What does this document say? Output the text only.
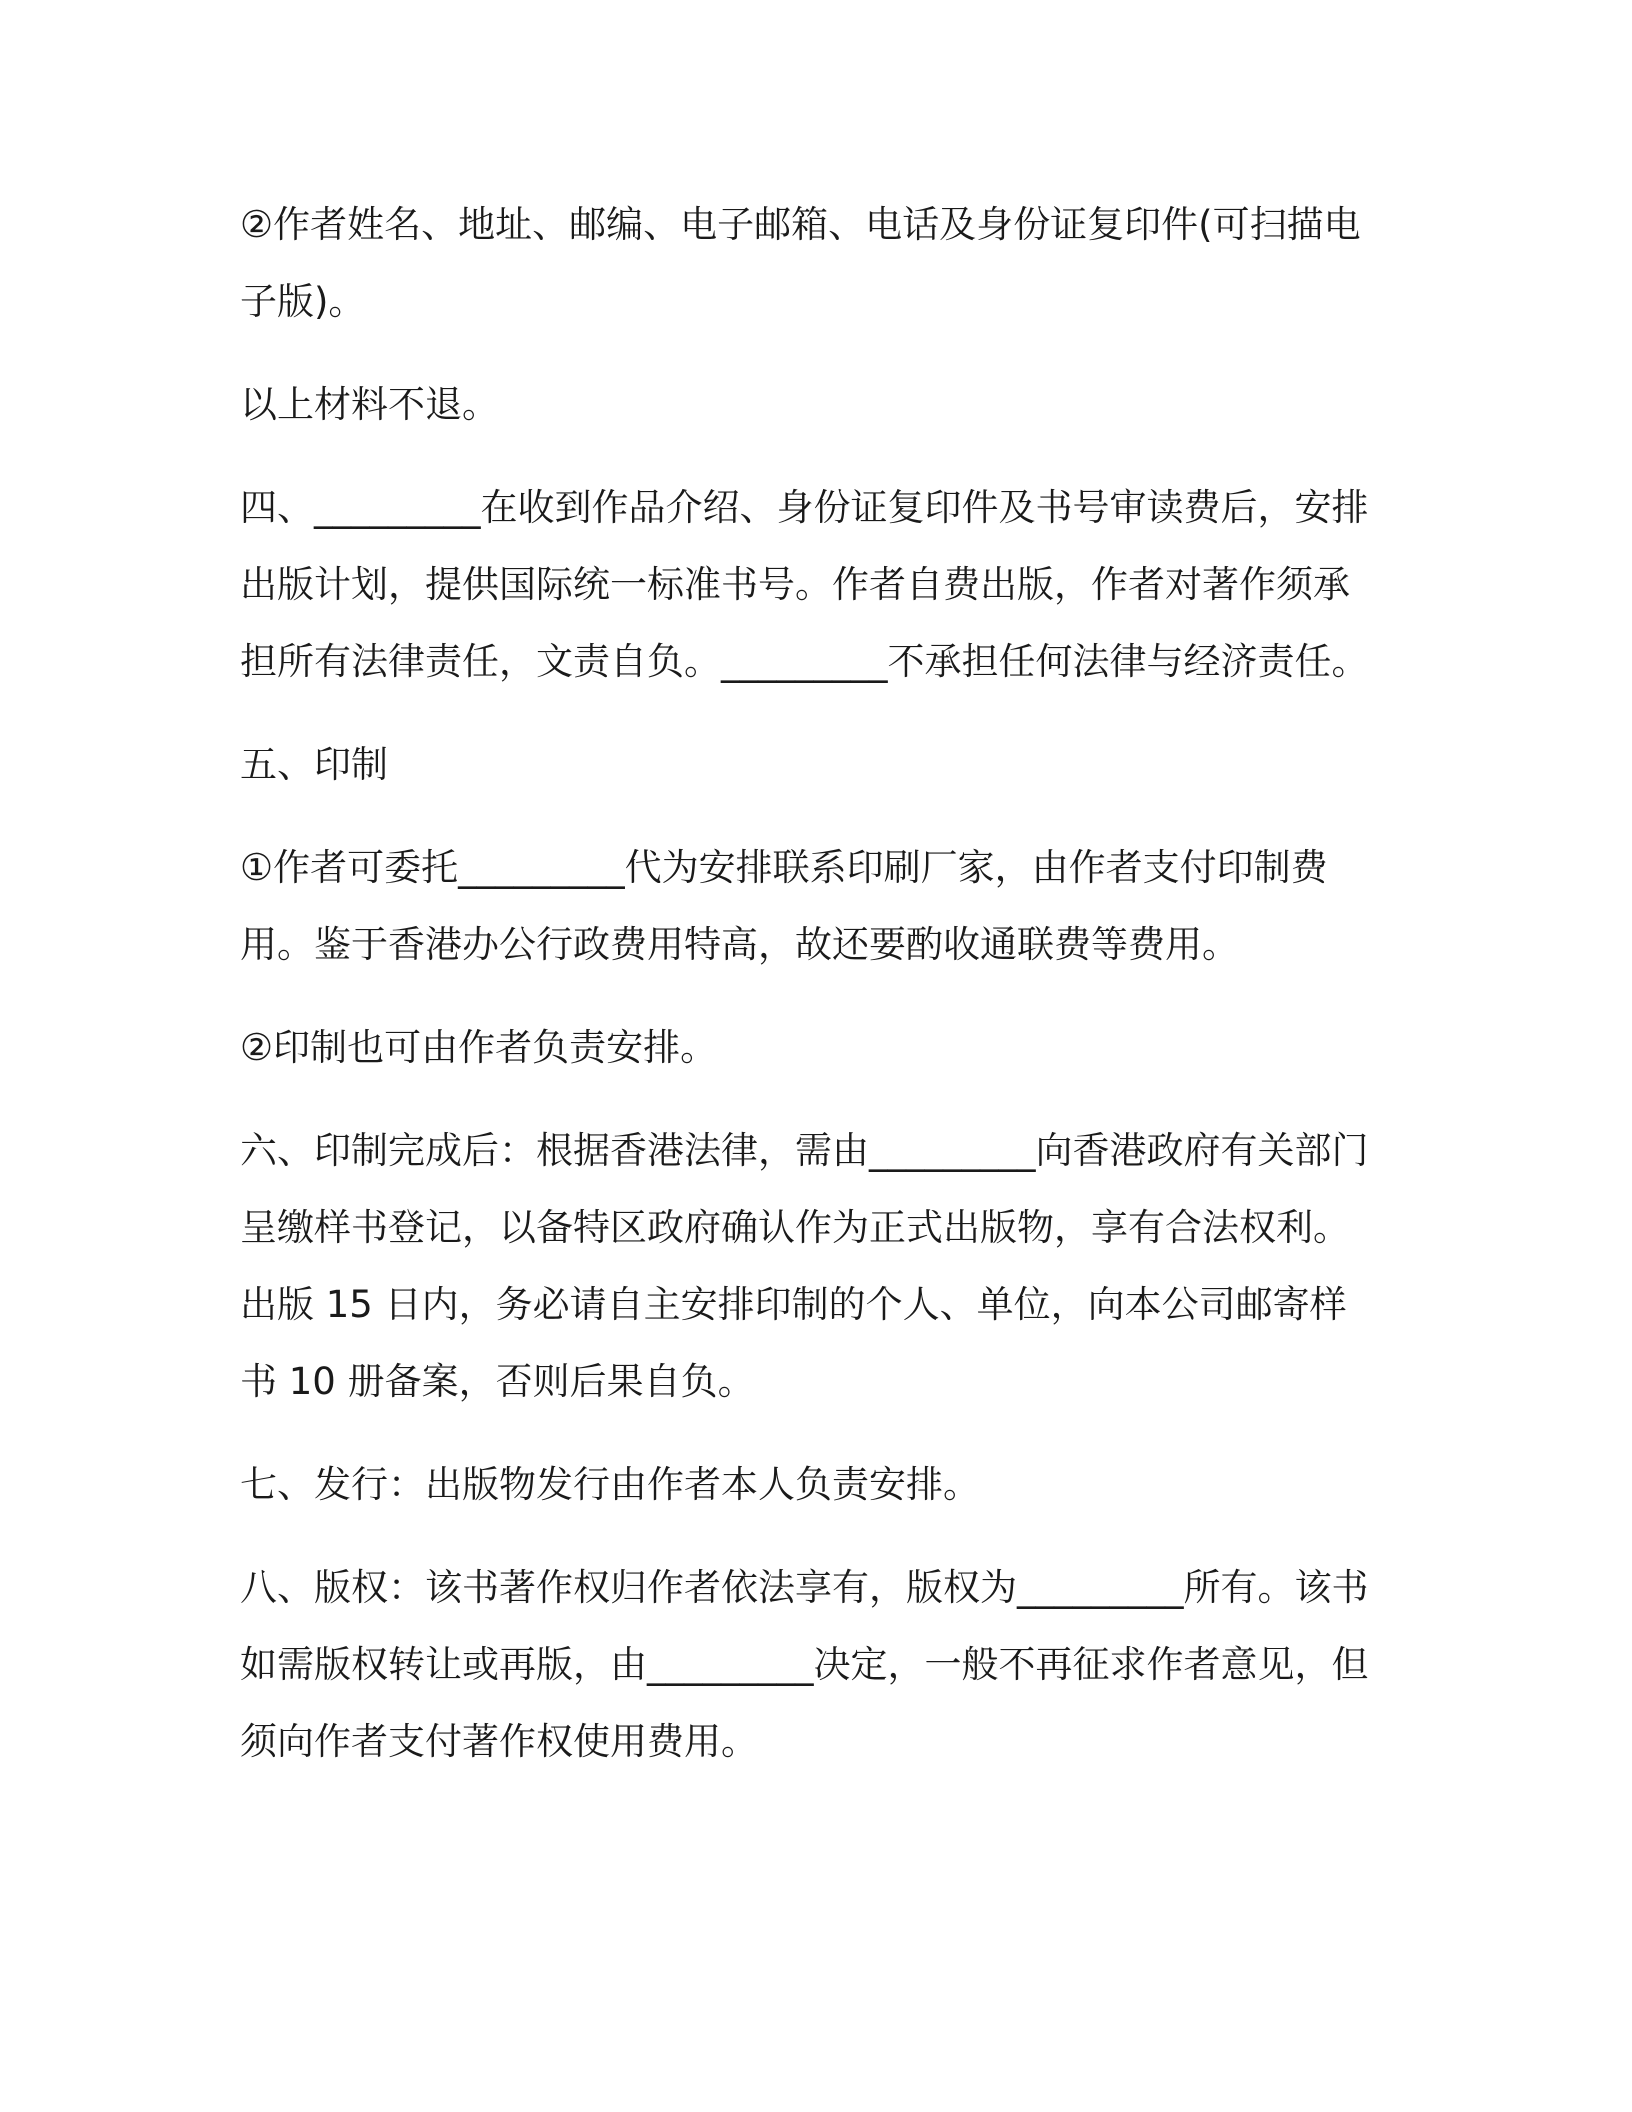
②作者姓名、地址、邮编、电子邮箱、电话及身份证复印件(可扫描电子版)。

以上材料不退。

四、_________在收到作品介绍、身份证复印件及书号审读费后，安排出版计划，提供国际统一标准书号。作者自费出版，作者对著作须承担所有法律责任，文责自负。_________不承担任何法律与经济责任。

五、印制

①作者可委托_________代为安排联系印刷厂家，由作者支付印制费用。鉴于香港办公行政费用特高，故还要酌收通联费等费用。

②印制也可由作者负责安排。

六、印制完成后：根据香港法律，需由_________向香港政府有关部门呈缴样书登记，以备特区政府确认作为正式出版物，享有合法权利。出版 15 日内，务必请自主安排印制的个人、单位，向本公司邮寄样书 10 册备案，否则后果自负。

七、发行：出版物发行由作者本人负责安排。

八、版权：该书著作权归作者依法享有，版权为_________所有。该书如需版权转让或再版，由_________决定，一般不再征求作者意见，但须向作者支付著作权使用费用。
